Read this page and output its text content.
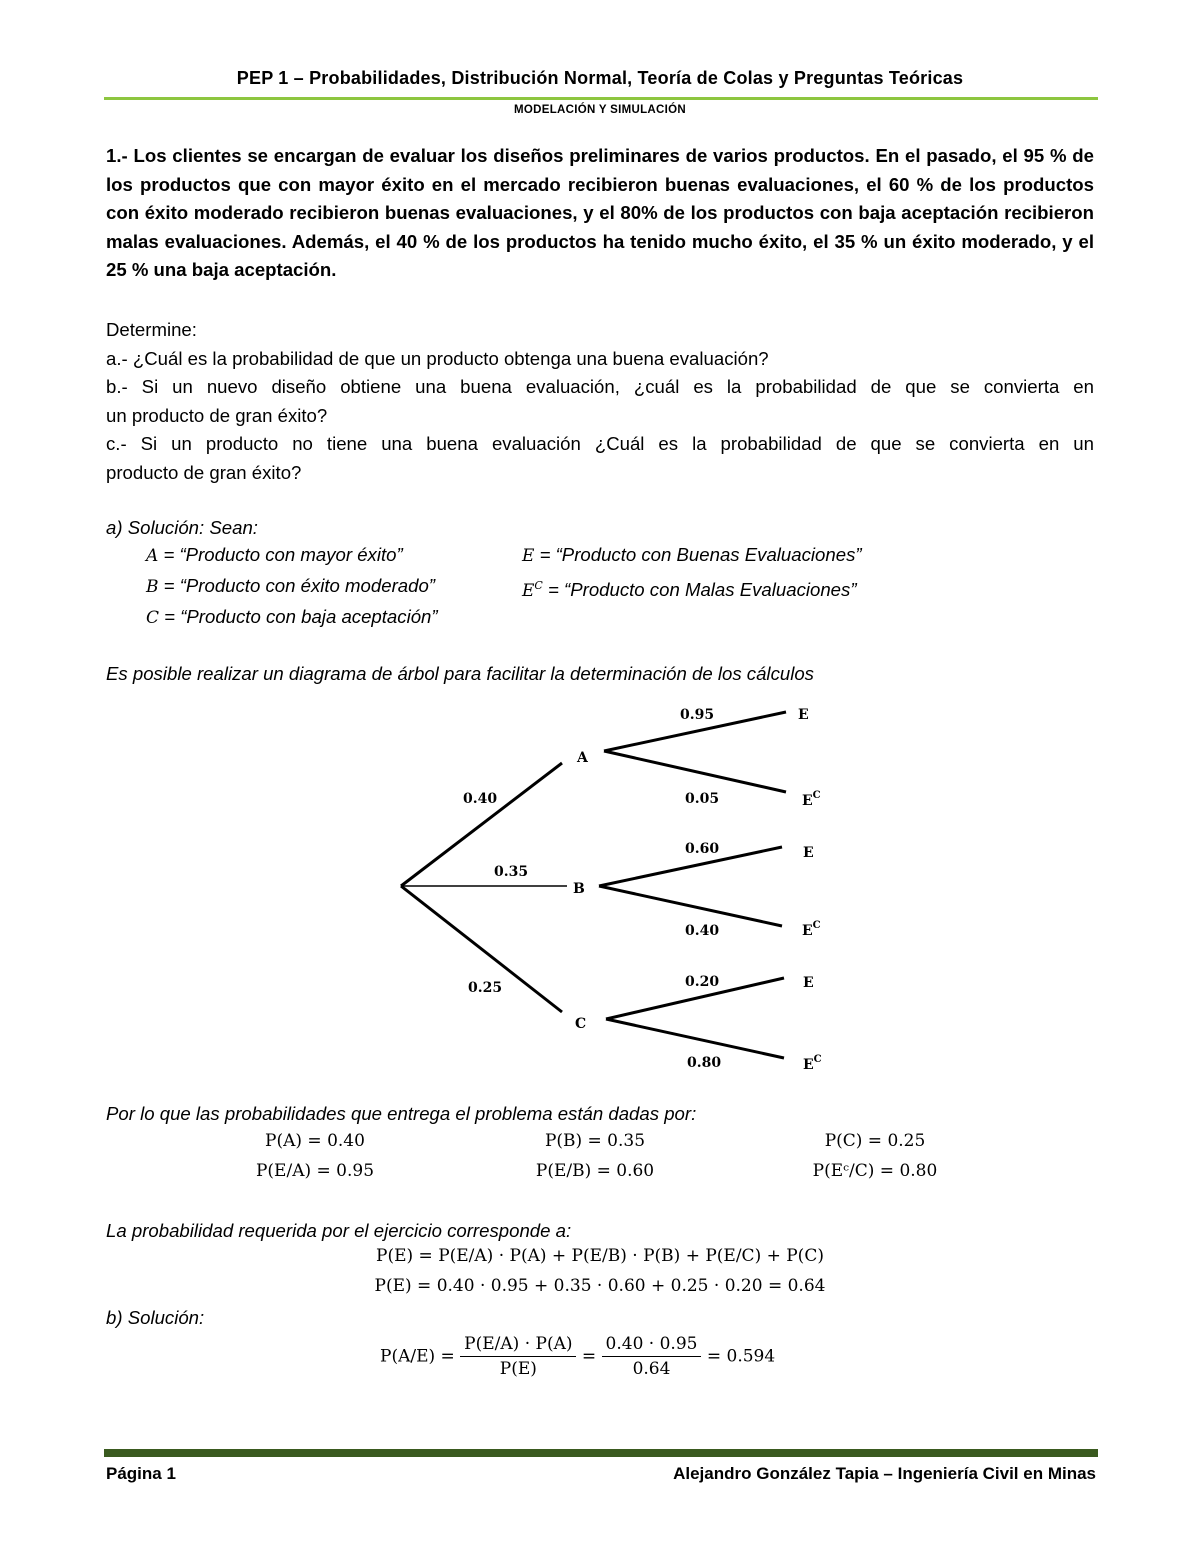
PEP 1 – Probabilidades, Distribución Normal, Teoría de Colas y Preguntas Teóricas
MODELACIÓN Y SIMULACIÓN
1.- Los clientes se encargan de evaluar los diseños preliminares de varios productos. En el pasado, el 95 % de los productos que con mayor éxito en el mercado recibieron buenas evaluaciones, el 60 % de los productos con éxito moderado recibieron buenas evaluaciones, y el 80% de los productos con baja aceptación recibieron malas evaluaciones. Además, el 40 % de los productos ha tenido mucho éxito, el 35 % un éxito moderado, y el 25 % una baja aceptación.
Determine:
a.- ¿Cuál es la probabilidad de que un producto obtenga una buena evaluación?
b.- Si un nuevo diseño obtiene una buena evaluación, ¿cuál es la probabilidad de que se convierta en
un producto de gran éxito?
c.- Si un producto no tiene una buena evaluación ¿Cuál es la probabilidad de que se convierta en un
producto de gran éxito?
a) Solución: Sean:
A = “Producto con mayor éxito”
B = “Producto con éxito moderado”
C = “Producto con baja aceptación”
E = “Producto con Buenas Evaluaciones”
$E^C$ = “Producto con Malas Evaluaciones”
Es posible realizar un diagrama de árbol para facilitar la determinación de los cálculos
0.40
0.35
0.25
A
B
C
0.95
0.05
0.60
0.40
0.20
0.80
E
$E^C$
E
$E^C$
E
$E^C$
Por lo que las probabilidades que entrega el problema están dadas por:
P(A) = 0.40	P(B) = 0.35	P(C) = 0.25
P(E/A) = 0.95	P(E/B) = 0.60	P(Eᶜ/C) = 0.80
La probabilidad requerida por el ejercicio corresponde a:
P(E) = P(E/A) · P(A) + P(E/B) · P(B) + P(E/C) + P(C)
P(E) = 0.40 · 0.95 + 0.35 · 0.60 + 0.25 · 0.20 = 0.64
b) Solución:
$P(A/E) = \frac{P(E/A) \cdot P(A)}{P(E)} = \frac{0.40 \cdot 0.95}{0.64} = 0.594$
Página 1	Alejandro González Tapia – Ingeniería Civil en Minas
